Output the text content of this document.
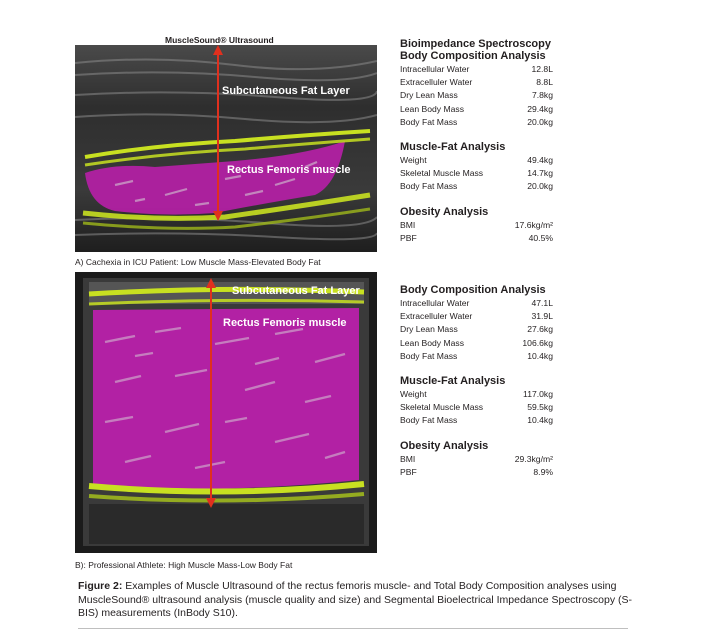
MuscleSound® Ultrasound
Subcutaneous Fat Layer
Rectus Femoris muscle
A) Cachexia in ICU Patient: Low Muscle Mass-Elevated Body Fat
Subcutaneous Fat Layer
Rectus Femoris muscle
B): Professional Athlete: High Muscle Mass-Low Body Fat
Bioimpedance Spectroscopy
Body Composition Analysis
Intracellular Water	12.8L
Extracelluler Water	8.8L
Dry Lean Mass	7.8kg
Lean Body Mass	29.4kg
Body Fat Mass	20.0kg
Muscle-Fat Analysis
Weight	49.4kg
Skeletal Muscle Mass	14.7kg
Body Fat Mass	20.0kg
Obesity Analysis
BMI	17.6kg/m²
PBF	40.5%
Body Composition Analysis
Intracellular Water	47.1L
Extracelluler Water	31.9L
Dry Lean Mass	27.6kg
Lean Body Mass	106.6kg
Body Fat Mass	10.4kg
Muscle-Fat Analysis
Weight	117.0kg
Skeletal Muscle Mass	59.5kg
Body Fat Mass	10.4kg
Obesity Analysis
BMI	29.3kg/m²
PBF	8.9%
Figure 2: Examples of Muscle Ultrasound of the rectus femoris muscle- and Total Body Composition analyses using MuscleSound® ultrasound analysis (muscle quality and size) and Segmental Bioelectrical Impedance Spectroscopy (S-BIS) measurements (InBody S10).
